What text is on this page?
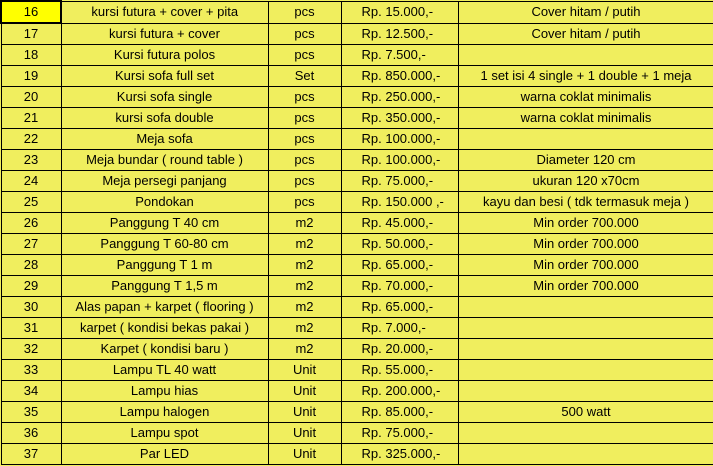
16	kursi futura + cover + pita	pcs	Rp. 15.000,-	Cover hitam / putih
17	kursi futura + cover	pcs	Rp. 12.500,-	Cover hitam / putih
18	Kursi futura polos	pcs	Rp. 7.500,-	
19	Kursi sofa full set	Set	Rp. 850.000,-	1 set isi 4 single + 1 double + 1 meja
20	Kursi sofa single	pcs	Rp. 250.000,-	warna coklat minimalis
21	kursi sofa double	pcs	Rp. 350.000,-	warna coklat minimalis
22	Meja sofa	pcs	Rp. 100.000,-	
23	Meja bundar ( round table )	pcs	Rp. 100.000,-	Diameter 120 cm
24	Meja persegi panjang	pcs	Rp. 75.000,-	ukuran 120 x70cm
25	Pondokan	pcs	Rp. 150.000 ,-	kayu dan besi ( tdk termasuk meja )
26	Panggung T 40 cm	m2	Rp. 45.000,-	Min order 700.000
27	Panggung T 60-80 cm	m2	Rp. 50.000,-	Min order 700.000
28	Panggung T 1 m	m2	Rp. 65.000,-	Min order 700.000
29	Panggung T 1,5 m	m2	Rp. 70.000,-	Min order 700.000
30	Alas papan + karpet ( flooring )	m2	Rp. 65.000,-	
31	karpet ( kondisi bekas pakai )	m2	Rp. 7.000,-	
32	Karpet ( kondisi baru )	m2	Rp. 20.000,-	
33	Lampu TL 40 watt	Unit	Rp. 55.000,-	
34	Lampu hias	Unit	Rp. 200.000,-	
35	Lampu halogen	Unit	Rp. 85.000,-	500 watt
36	Lampu spot	Unit	Rp. 75.000,-	
37	Par LED	Unit	Rp. 325.000,-	
